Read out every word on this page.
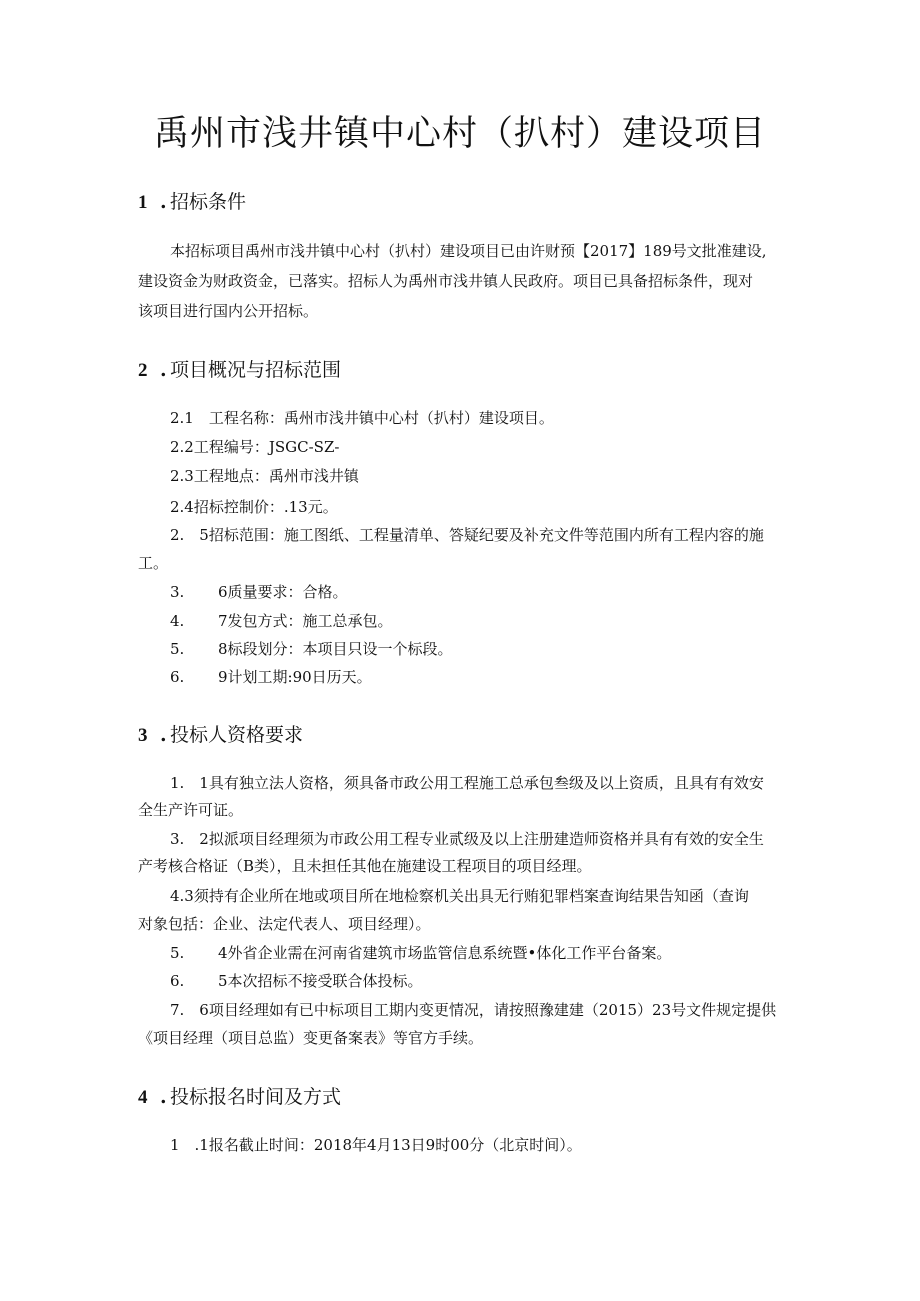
禹州市浅井镇中心村（扒村）建设项目
1 . 招标条件
本招标项目禹州市浅井镇中心村（扒村）建设项目已由许财预【2017】189号文批准建设,
建设资金为财政资金，已落实。招标人为禹州市浅井镇人民政府。项目已具备招标条件，现对
该项目进行国内公开招标。
2 . 项目概况与招标范围
2.1　工程名称：禹州市浅井镇中心村（扒村）建设项目。
2.2工程编号：JSGC-SZ-
2.3工程地点：禹州市浅井镇
2.4招标控制价：.13元。
2.　5招标范围：施工图纸、工程量清单、答疑纪要及补充文件等范围内所有工程内容的施
工。
3. 6质量要求：合格。
4. 7发包方式：施工总承包。
5. 8标段划分：本项目只设一个标段。
6. 9计划工期:90日历天。
3 . 投标人资格要求
1.　1具有独立法人资格，须具备市政公用工程施工总承包叁级及以上资质，且具有有效安
全生产许可证。
3.　2拟派项目经理须为市政公用工程专业贰级及以上注册建造师资格并具有有效的安全生
产考核合格证（B类），且未担任其他在施建设工程项目的项目经理。
4.3须持有企业所在地或项目所在地检察机关出具无行贿犯罪档案查询结果告知函（查询
对象包括：企业、法定代表人、项目经理）。
5. 4外省企业需在河南省建筑市场监管信息系统暨•体化工作平台备案。
6. 5本次招标不接受联合体投标。
7.　6项目经理如有已中标项目工期内变更情况，请按照豫建建（2015）23号文件规定提供
《项目经理（项目总监）变更备案表》等官方手续。
4 . 投标报名时间及方式
1　.1报名截止时间：2018年4月13日9时00分（北京时间）。
